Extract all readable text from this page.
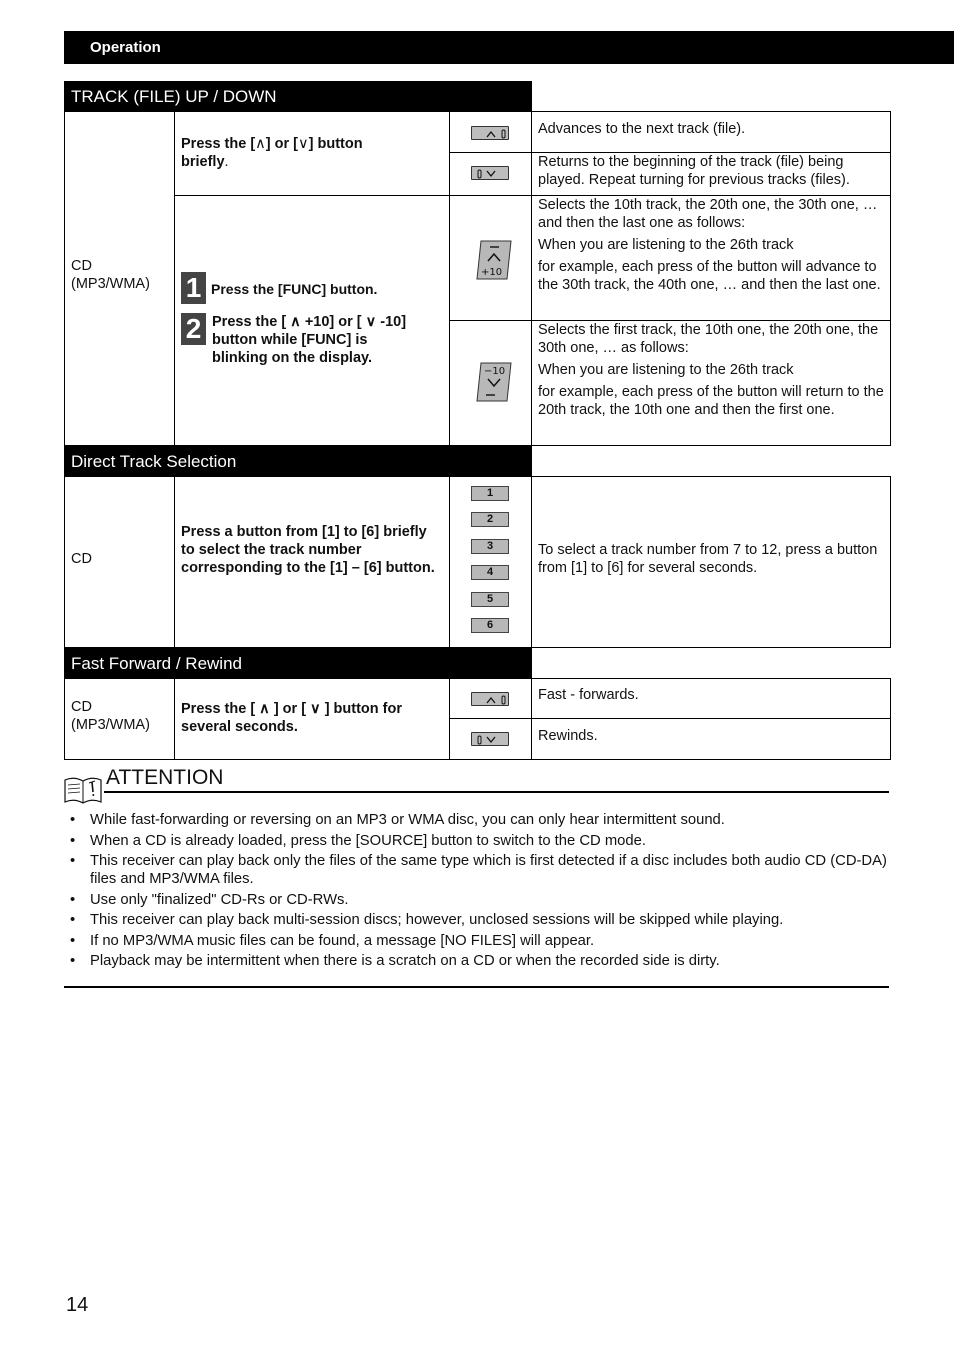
Operation
TRACK (FILE) UP / DOWN
CD
(MP3/WMA)
Press the [∧] or [∨] button
briefly.
Advances to the next track (file).
Returns to the beginning of the track (file) being played. Repeat turning for previous tracks (files).
1 Press the [FUNC] button.
2 Press the [ ∧ +10] or [ ∨ -10]
button while [FUNC] is
blinking on the display.
+10
−10
Selects the 10th track, the 20th one, the 30th one, … and then the last one as follows:
When you are listening to the 26th track
for example, each press of the button will advance to the 30th track, the 40th one, … and then the last one.
Selects the first track, the 10th one, the 20th one, the 30th one, … as follows:
When you are listening to the 26th track
for example, each press of the button will return to the 20th track, the 10th one and then the first one.
Direct Track Selection
CD
Press a button from [1] to [6] briefly to select the track number corresponding to the [1] – [6] button.
1
2
3
4
5
6
To select a track number from 7 to 12, press a button from [1] to [6] for several seconds.
Fast Forward / Rewind
CD
(MP3/WMA)
Press the [ ∧ ] or [ ∨ ] button for several seconds.
Fast - forwards.
Rewinds.
ATTENTION
• While fast-forwarding or reversing on an MP3 or WMA disc, you can only hear intermittent sound.
• When a CD is already loaded, press the [SOURCE] button to switch to the CD mode.
• This receiver can play back only the files of the same type which is first detected if a disc includes both audio CD (CD-DA) files and MP3/WMA files.
• Use only "finalized" CD-Rs or CD-RWs.
• This receiver can play back multi-session discs; however, unclosed sessions will be skipped while playing.
• If no MP3/WMA music files can be found, a message [NO FILES] will appear.
• Playback may be intermittent when there is a scratch on a CD or when the recorded side is dirty.
14
